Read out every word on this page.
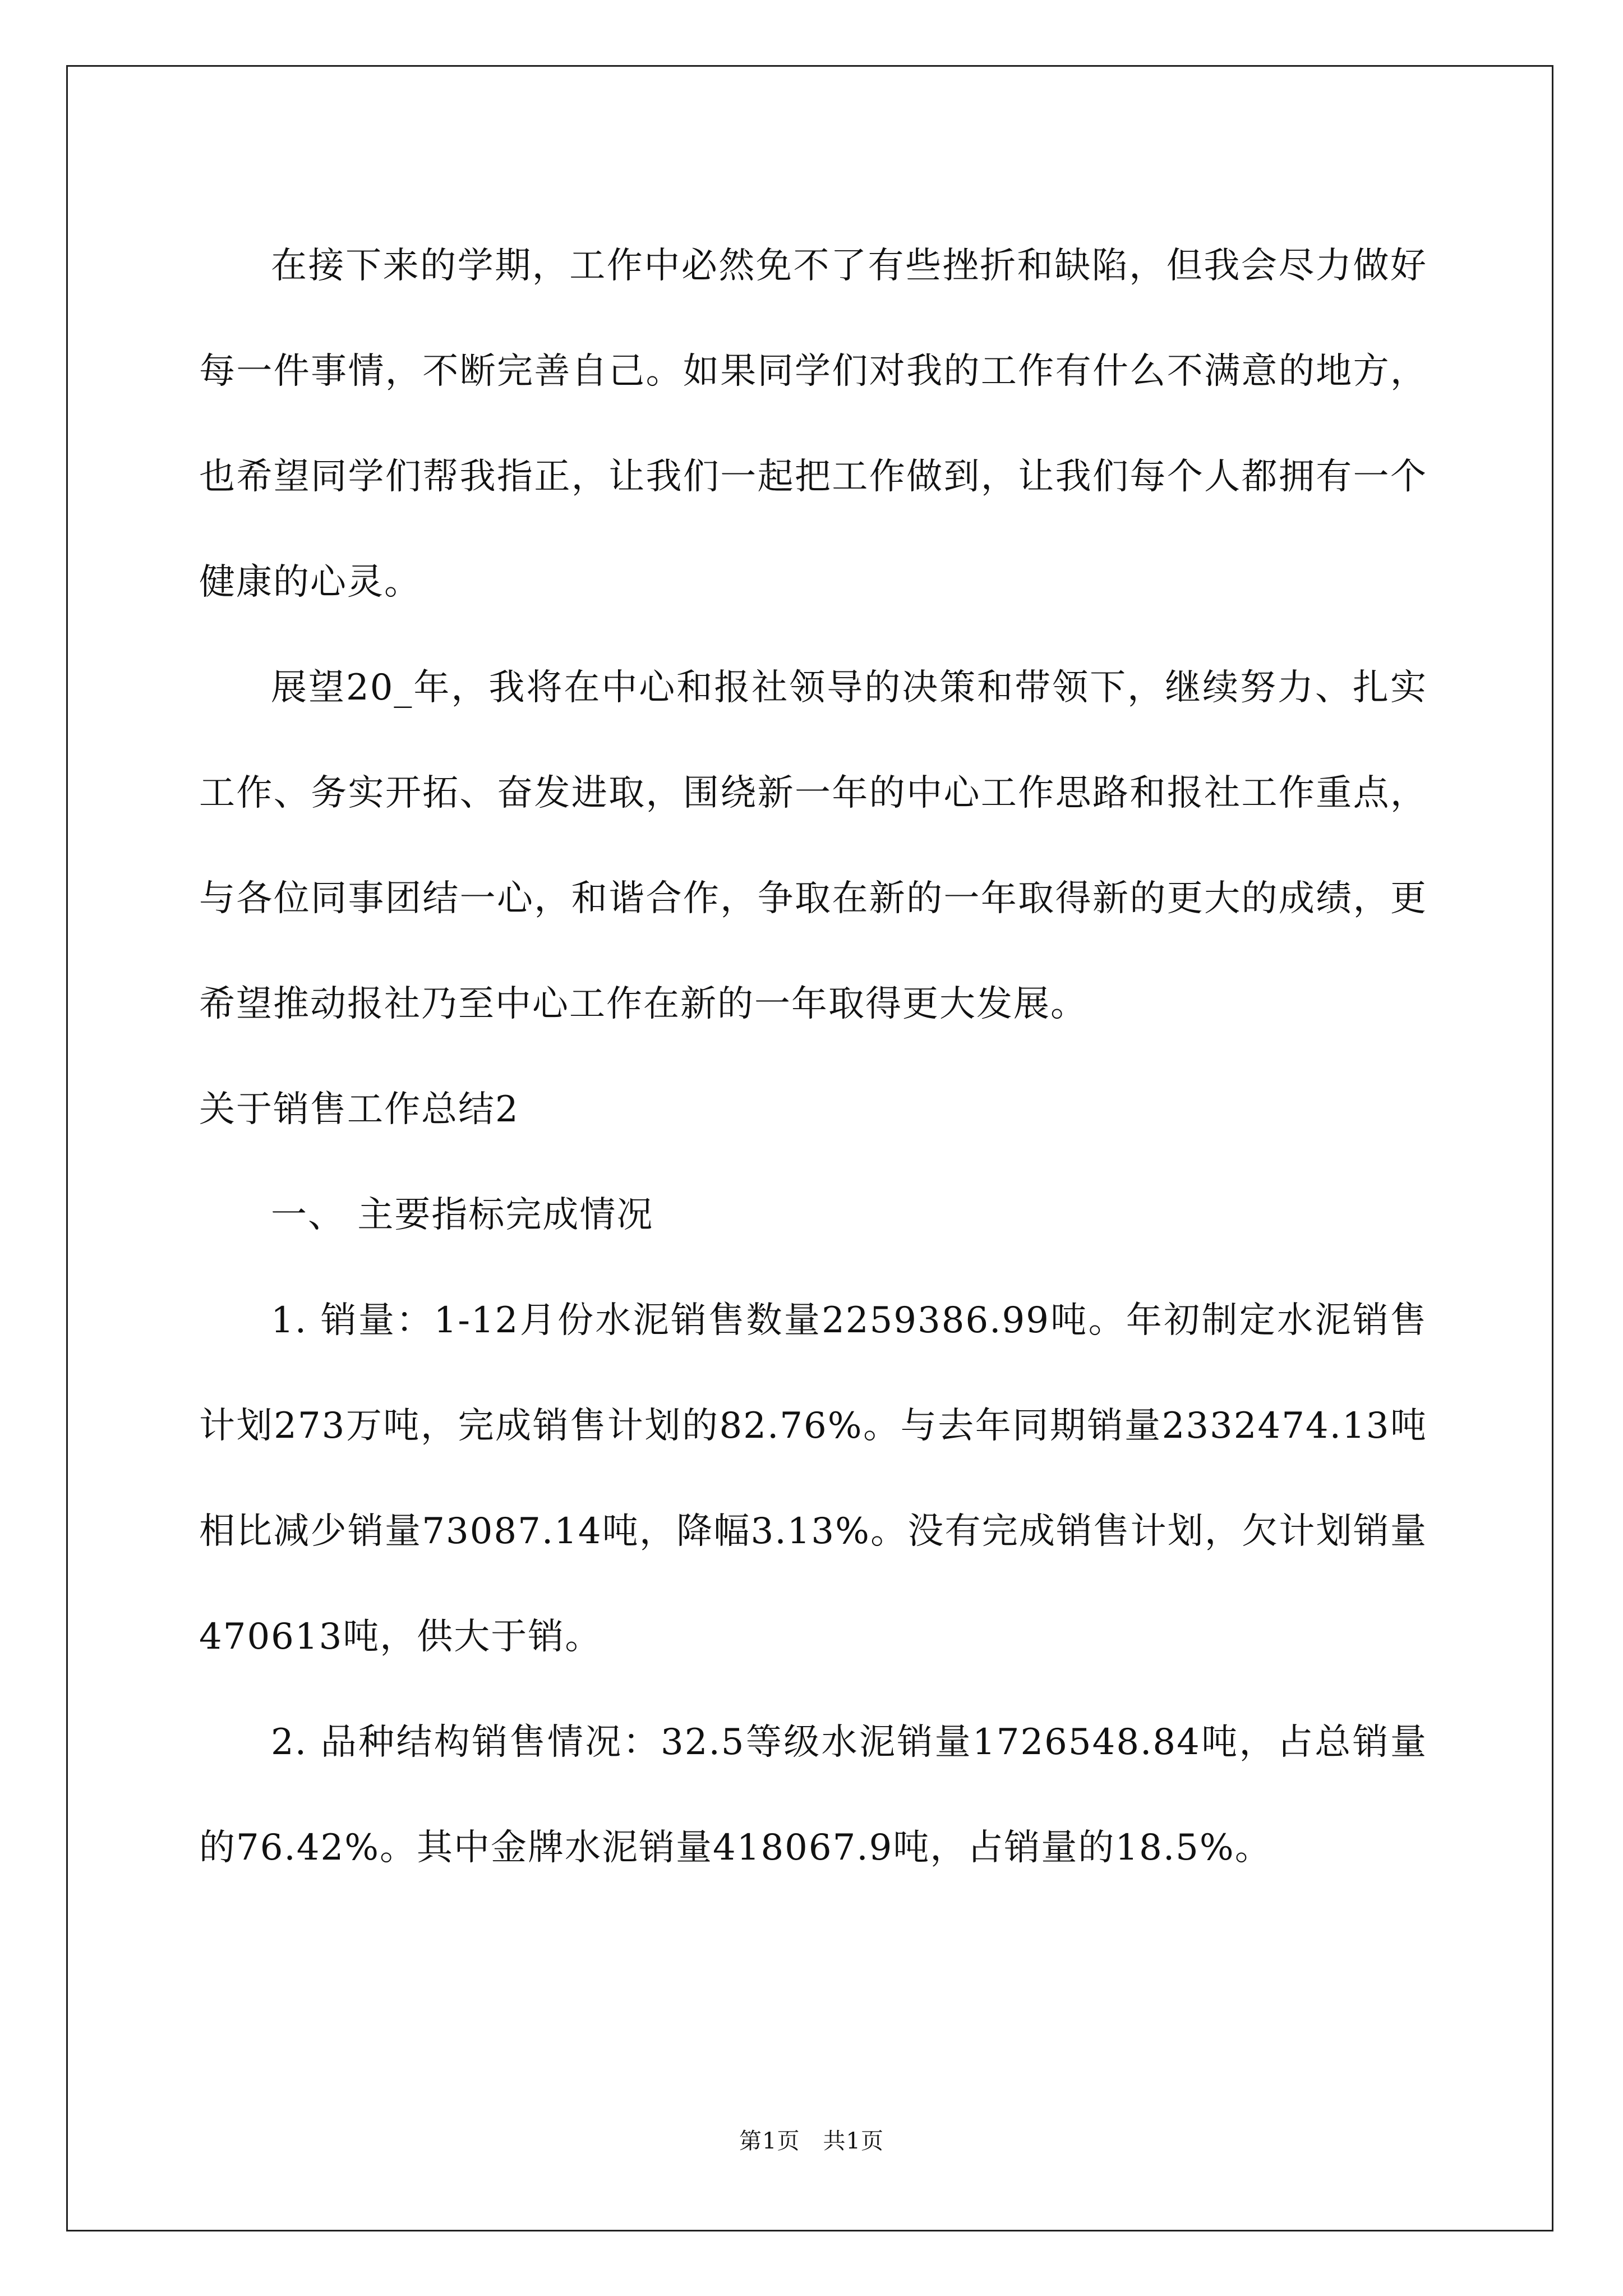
在接下来的学期，工作中必然免不了有些挫折和缺陷，但我会尽力做好每一件事情，不断完善自己。如果同学们对我的工作有什么不满意的地方，也希望同学们帮我指正，让我们一起把工作做到，让我们每个人都拥有一个健康的心灵。

展望20_年，我将在中心和报社领导的决策和带领下，继续努力、扎实工作、务实开拓、奋发进取，围绕新一年的中心工作思路和报社工作重点，与各位同事团结一心，和谐合作，争取在新的一年取得新的更大的成绩，更希望推动报社乃至中心工作在新的一年取得更大发展。

关于销售工作总结2

一、 主要指标完成情况

1. 销量：1-12月份水泥销售数量2259386.99吨。年初制定水泥销售计划273万吨，完成销售计划的82.76%。与去年同期销量2332474.13吨相比减少销量73087.14吨，降幅3.13%。没有完成销售计划，欠计划销量470613吨，供大于销。

2. 品种结构销售情况：32.5等级水泥销量1726548.84吨，占总销量的76.42%。其中金牌水泥销量418067.9吨，占销量的18.5%。

第1页　共1页
